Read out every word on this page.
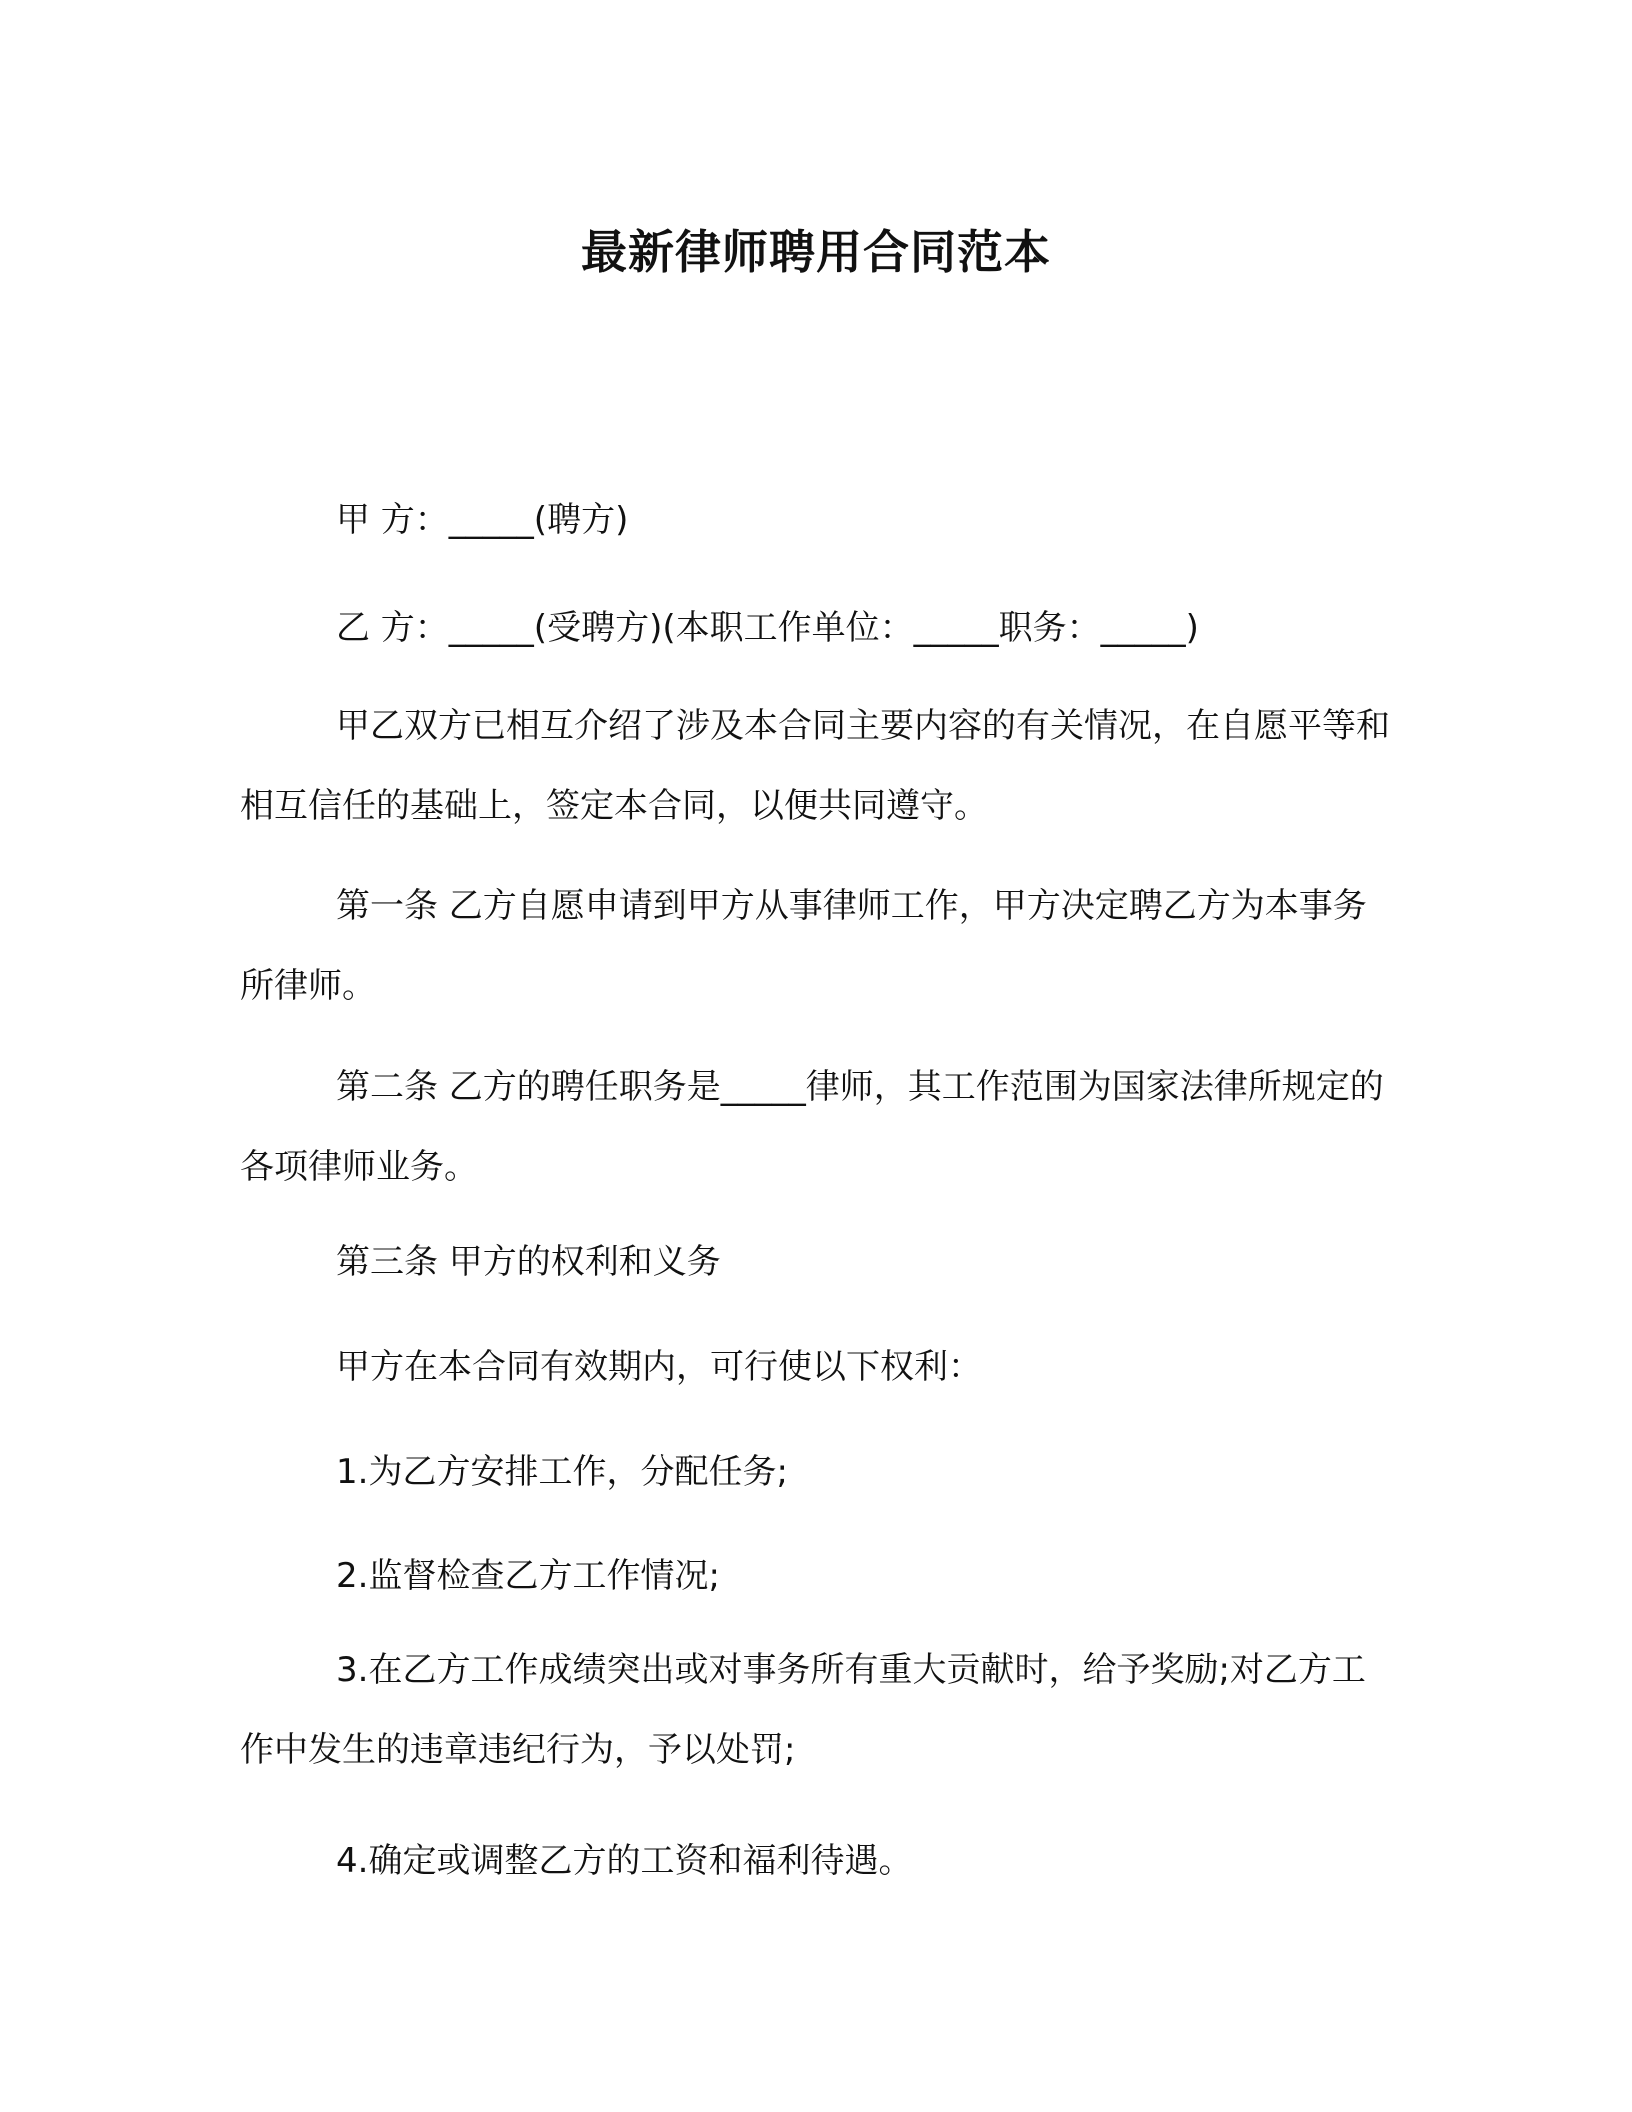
最新律师聘用合同范本
甲 方：_____(聘方)
乙 方：_____(受聘方)(本职工作单位：_____职务：_____)
甲乙双方已相互介绍了涉及本合同主要内容的有关情况，在自愿平等和相互信任的基础上，签定本合同，以便共同遵守。
第一条 乙方自愿申请到甲方从事律师工作，甲方决定聘乙方为本事务所律师。
第二条 乙方的聘任职务是_____律师，其工作范围为国家法律所规定的各项律师业务。
第三条 甲方的权利和义务
甲方在本合同有效期内，可行使以下权利：
1.为乙方安排工作，分配任务;
2.监督检查乙方工作情况;
3.在乙方工作成绩突出或对事务所有重大贡献时，给予奖励;对乙方工作中发生的违章违纪行为，予以处罚;
4.确定或调整乙方的工资和福利待遇。
